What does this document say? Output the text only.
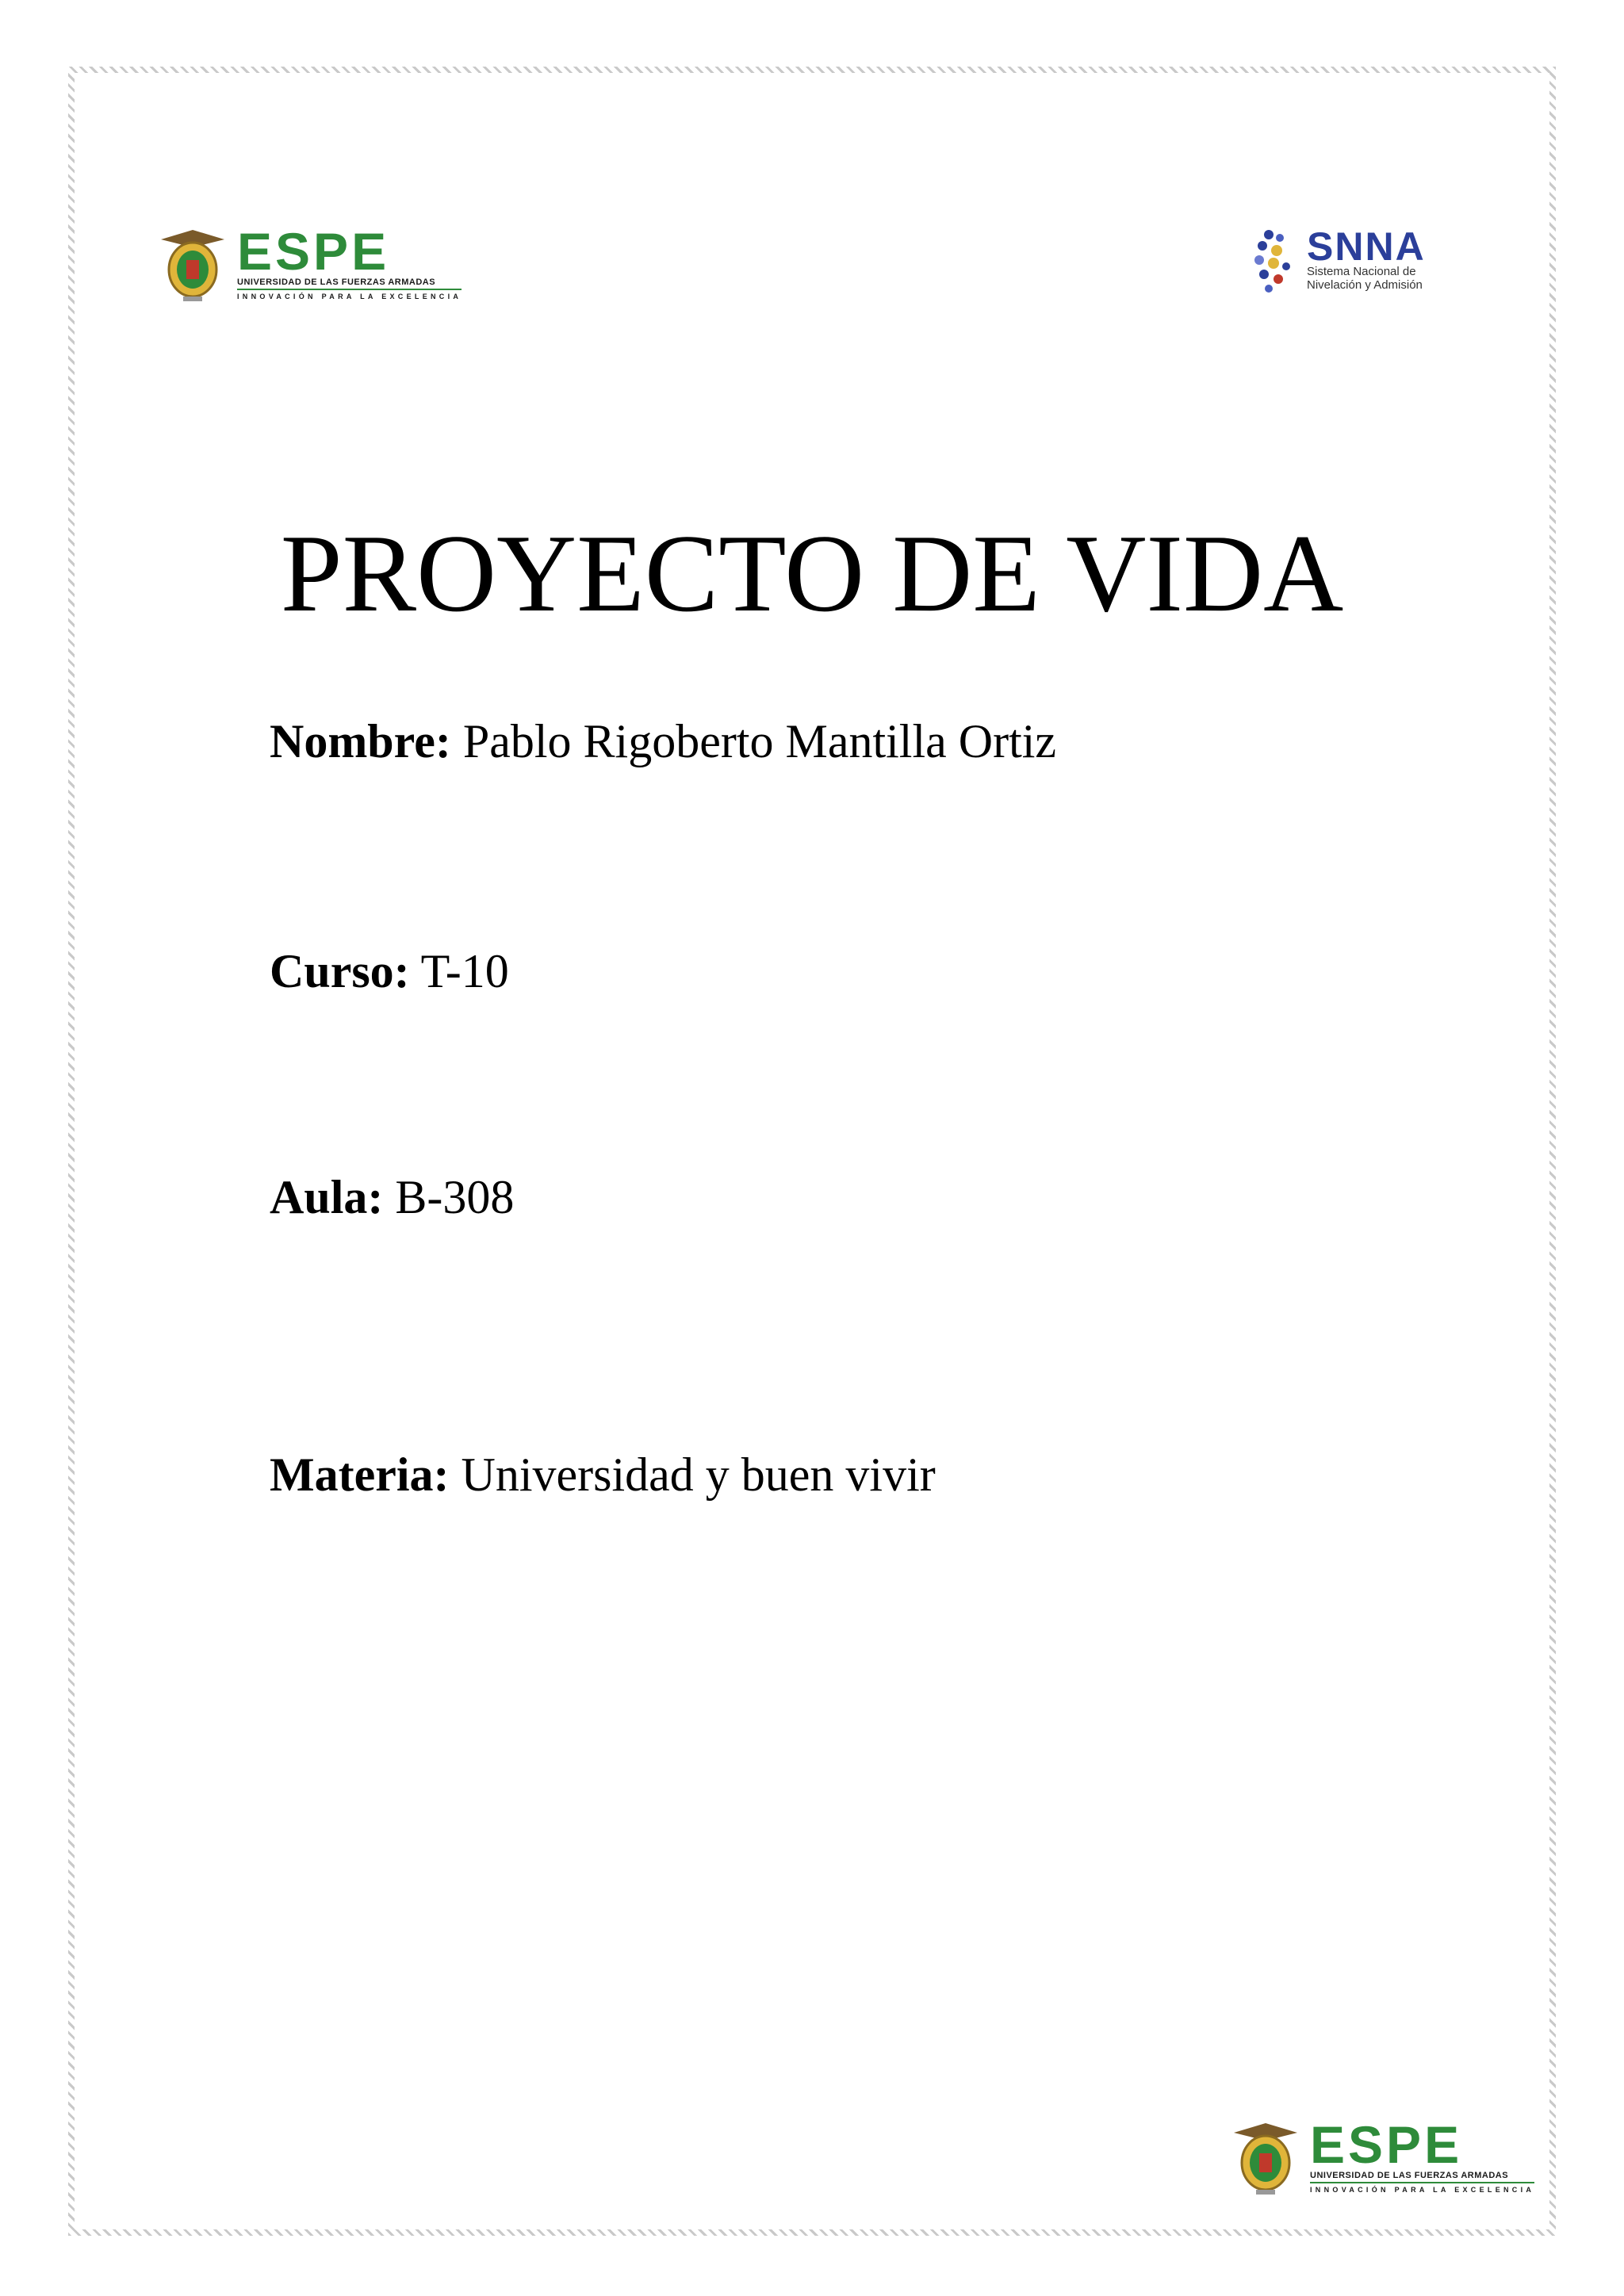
ESPE
UNIVERSIDAD DE LAS FUERZAS ARMADAS
INNOVACIÓN PARA LA EXCELENCIA
SNNA
Sistema Nacional de
Nivelación y Admisión
PROYECTO DE VIDA
Nombre: Pablo Rigoberto Mantilla Ortiz
Curso: T-10
Aula: B-308
Materia: Universidad y buen vivir
ESPE
UNIVERSIDAD DE LAS FUERZAS ARMADAS
INNOVACIÓN PARA LA EXCELENCIA
